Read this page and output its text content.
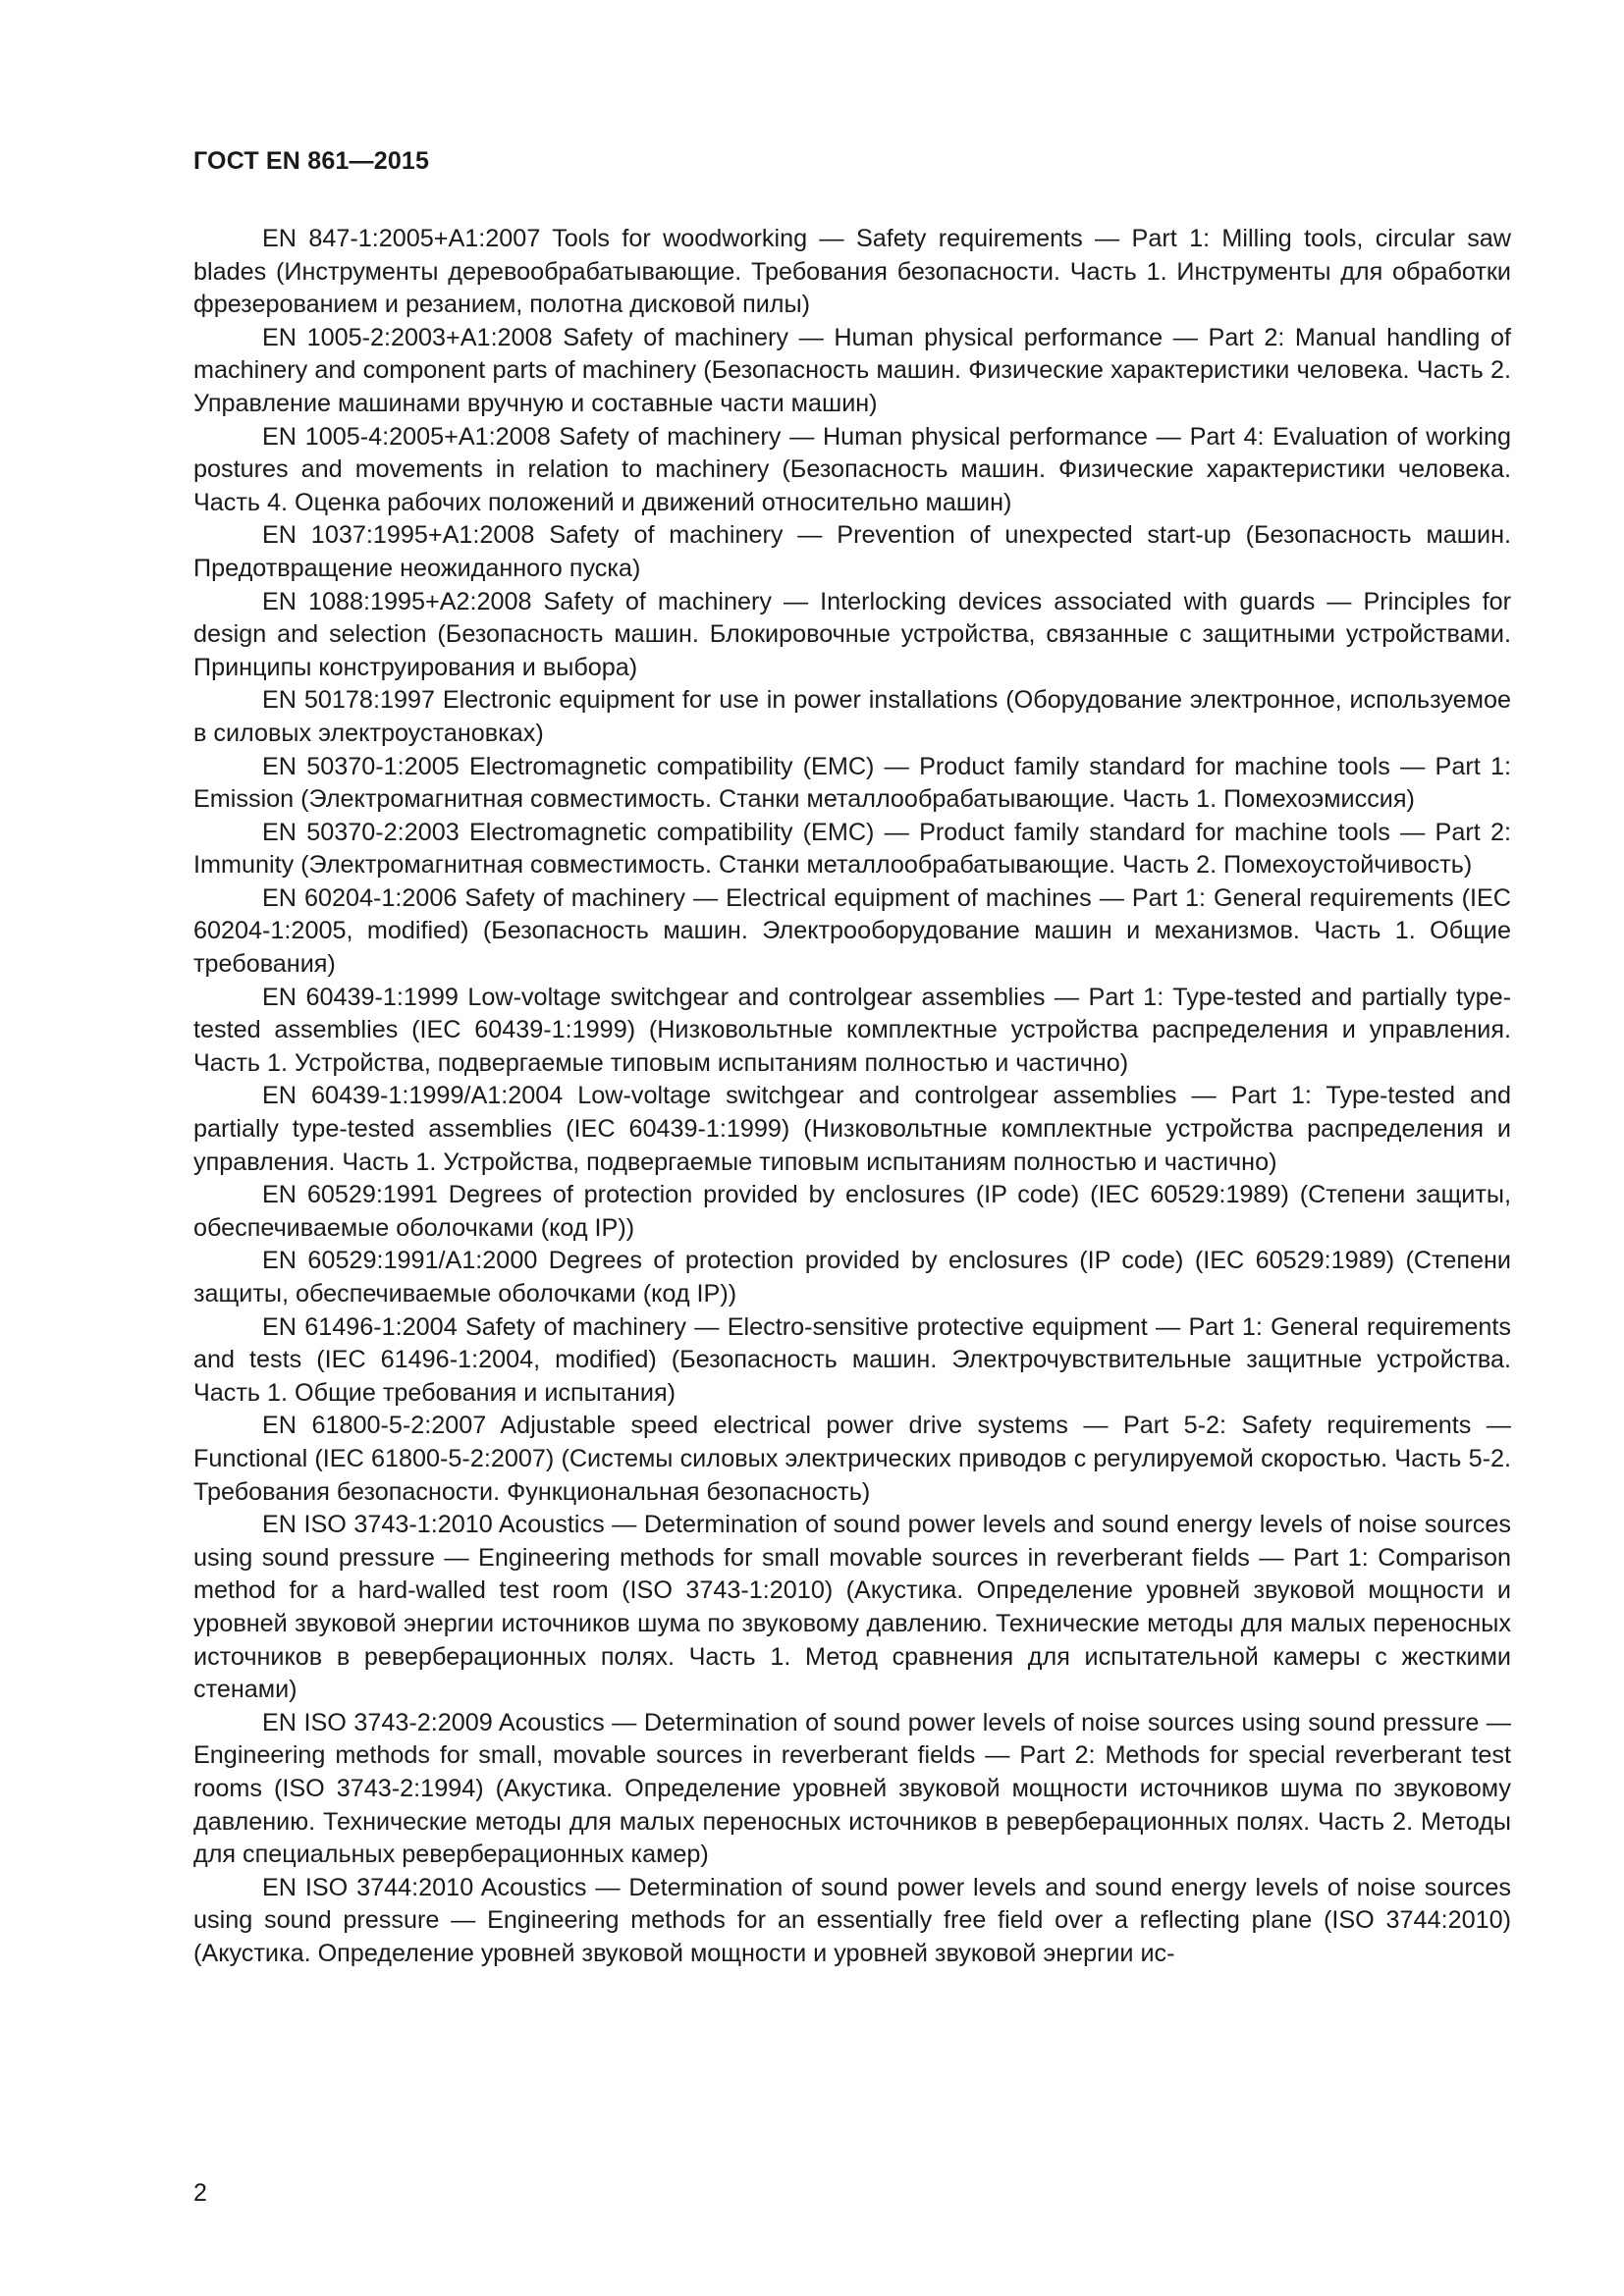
ГОСТ EN 861—2015

EN 847-1:2005+A1:2007 Tools for woodworking — Safety requirements — Part 1: Milling tools, circular saw blades (Инструменты деревообрабатывающие. Требования безопасности. Часть 1. Инструменты для обработки фрезерованием и резанием, полотна дисковой пилы)

EN 1005-2:2003+A1:2008 Safety of machinery — Human physical performance — Part 2: Manual handling of machinery and component parts of machinery (Безопасность машин. Физические характеристики человека. Часть 2. Управление машинами вручную и составные части машин)

EN 1005-4:2005+A1:2008 Safety of machinery — Human physical performance — Part 4: Evaluation of working postures and movements in relation to machinery (Безопасность машин. Физические характеристики человека. Часть 4. Оценка рабочих положений и движений относительно машин)

EN 1037:1995+A1:2008 Safety of machinery — Prevention of unexpected start-up (Безопасность машин. Предотвращение неожиданного пуска)

EN 1088:1995+A2:2008 Safety of machinery — Interlocking devices associated with guards — Principles for design and selection (Безопасность машин. Блокировочные устройства, связанные с защитными устройствами. Принципы конструирования и выбора)

EN 50178:1997 Electronic equipment for use in power installations (Оборудование электронное, используемое в силовых электроустановках)

EN 50370-1:2005 Electromagnetic compatibility (EMC) — Product family standard for machine tools — Part 1: Emission (Электромагнитная совместимость. Станки металлообрабатывающие. Часть 1. Помехоэмиссия)

EN 50370-2:2003 Electromagnetic compatibility (EMC) — Product family standard for machine tools — Part 2: Immunity (Электромагнитная совместимость. Станки металлообрабатывающие. Часть 2. Помехоустойчивость)

EN 60204-1:2006 Safety of machinery — Electrical equipment of machines — Part 1: General requirements (IEC 60204-1:2005, modified) (Безопасность машин. Электрооборудование машин и механизмов. Часть 1. Общие требования)

EN 60439-1:1999 Low-voltage switchgear and controlgear assemblies — Part 1: Type-tested and partially type-tested assemblies (IEC 60439-1:1999) (Низковольтные комплектные устройства распределения и управления. Часть 1. Устройства, подвергаемые типовым испытаниям полностью и частично)

EN 60439-1:1999/A1:2004 Low-voltage switchgear and controlgear assemblies — Part 1: Type-tested and partially type-tested assemblies (IEC 60439-1:1999) (Низковольтные комплектные устройства распределения и управления. Часть 1. Устройства, подвергаемые типовым испытаниям полностью и частично)

EN 60529:1991 Degrees of protection provided by enclosures (IP code) (IEC 60529:1989) (Степени защиты, обеспечиваемые оболочками (код IP))

EN 60529:1991/A1:2000 Degrees of protection provided by enclosures (IP code) (IEC 60529:1989) (Степени защиты, обеспечиваемые оболочками (код IP))

EN 61496-1:2004 Safety of machinery — Electro-sensitive protective equipment — Part 1: General requirements and tests (IEC 61496-1:2004, modified) (Безопасность машин. Электрочувствительные защитные устройства. Часть 1. Общие требования и испытания)

EN 61800-5-2:2007 Adjustable speed electrical power drive systems — Part 5-2: Safety requirements — Functional (IEC 61800-5-2:2007) (Системы силовых электрических приводов с регулируемой скоростью. Часть 5-2. Требования безопасности. Функциональная безопасность)

EN ISO 3743-1:2010 Acoustics — Determination of sound power levels and sound energy levels of noise sources using sound pressure — Engineering methods for small movable sources in reverberant fields — Part 1: Comparison method for a hard-walled test room (ISO 3743-1:2010) (Акустика. Определение уровней звуковой мощности и уровней звуковой энергии источников шума по звуковому давлению. Технические методы для малых переносных источников в реверберационных полях. Часть 1. Метод сравнения для испытательной камеры с жесткими стенами)

EN ISO 3743-2:2009 Acoustics — Determination of sound power levels of noise sources using sound pressure — Engineering methods for small, movable sources in reverberant fields — Part 2: Methods for special reverberant test rooms (ISO 3743-2:1994) (Акустика. Определение уровней звуковой мощности источников шума по звуковому давлению. Технические методы для малых переносных источников в реверберационных полях. Часть 2. Методы для специальных реверберационных камер)

EN ISO 3744:2010 Acoustics — Determination of sound power levels and sound energy levels of noise sources using sound pressure — Engineering methods for an essentially free field over a reflecting plane (ISO 3744:2010) (Акустика. Определение уровней звуковой мощности и уровней звуковой энергии ис-

2
